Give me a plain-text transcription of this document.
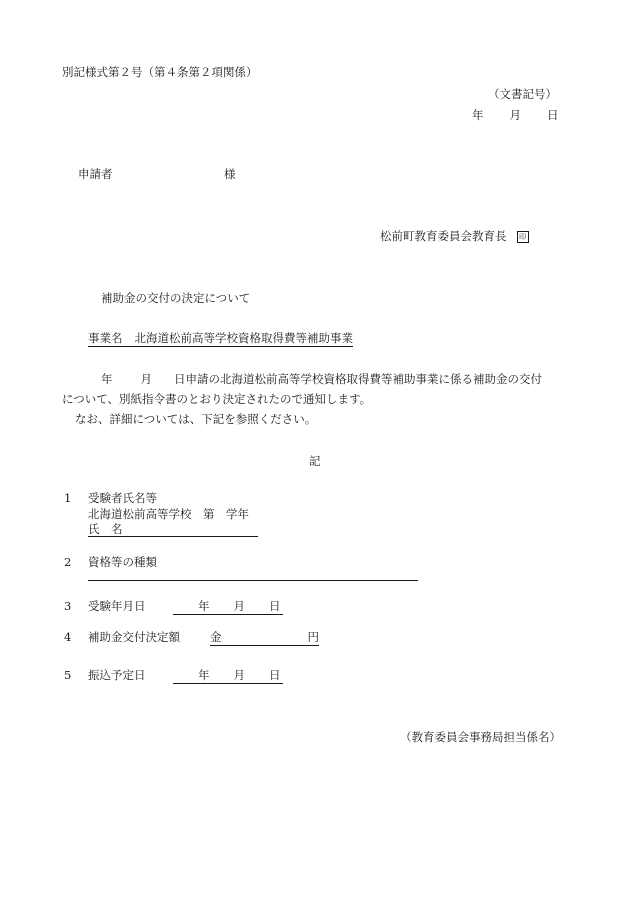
別記様式第２号（第４条第２項関係）
（文書記号）
年 月 日
申請者	様
松前町教育委員会教育長 印
補助金の交付の決定について
事業名 北海道松前高等学校資格取得費等補助事業
年 月 日申請の北海道松前高等学校資格取得費等補助事業に係る補助金の交付
について、別紙指令書のとおり決定されたので通知します。
なお、詳細については、下記を参照ください。
記
1 受験者氏名等
北海道松前高等学校　第　学年
氏　名
2 資格等の種類
3 受験年月日	年 月 日
4 補助金交付決定額	金	円
5 振込予定日	年 月 日
（教育委員会事務局担当係名）
